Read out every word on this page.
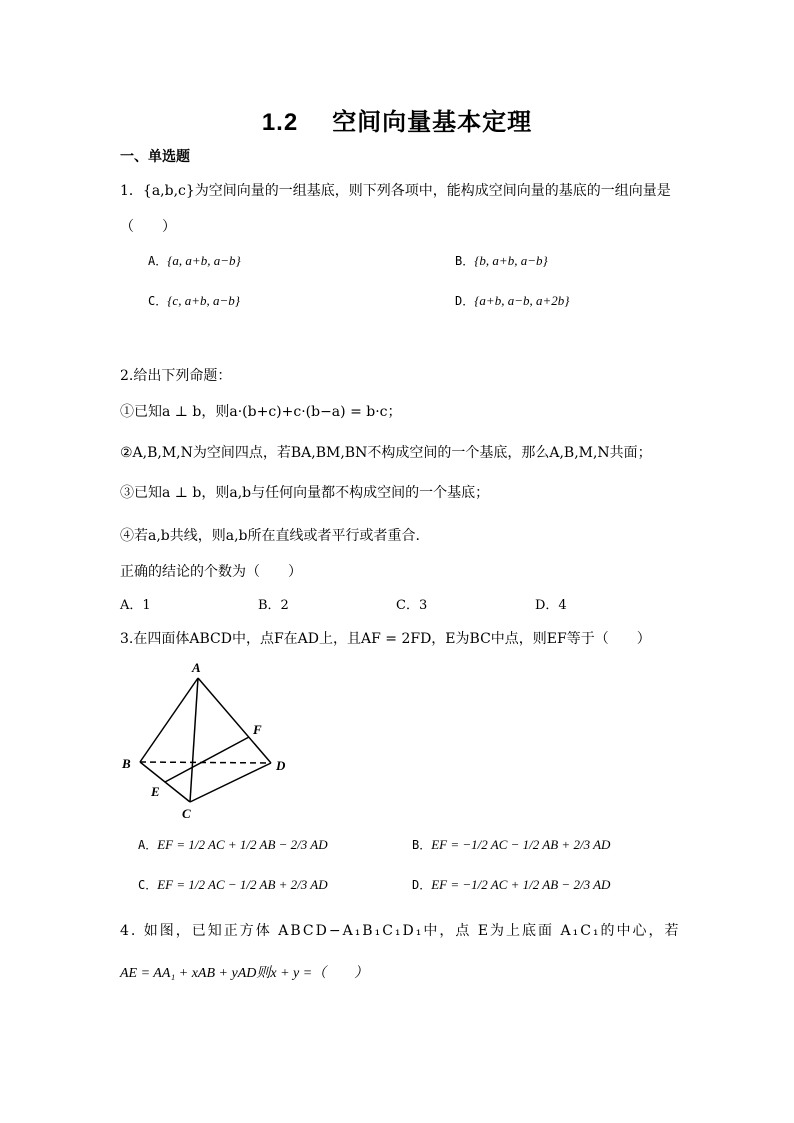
1.2 空间向量基本定理
一、单选题
1．{a,b,c}为空间向量的一组基底，则下列各项中，能构成空间向量的基底的一组向量是
（　　）
A．{a, a+b, a−b}	B．{b, a+b, a−b}
C．{c, a+b, a−b}	D．{a+b, a−b, a+2b}
2.给出下列命题：
①已知a ⊥ b，则a·(b+c)+c·(b−a) = b·c；
②A,B,M,N为空间四点，若BA,BM,BN不构成空间的一个基底，那么A,B,M,N共面；
③已知a ⊥ b，则a,b与任何向量都不构成空间的一个基底；
④若a,b共线，则a,b所在直线或者平行或者重合.
正确的结论的个数为（　　）
A．1	B．2	C．3	D．4
3.在四面体ABCD中，点F在AD上，且AF = 2FD，E为BC中点，则EF等于（　　）
A
B
C
D
E
F
A．EF = 1/2 AC + 1/2 AB − 2/3 AD	B．EF = −1/2 AC − 1/2 AB + 2/3 AD
C．EF = 1/2 AC − 1/2 AB + 2/3 AD	D．EF = −1/2 AC + 1/2 AB − 2/3 AD
4. 如图，已知正方体 ABCD−A₁B₁C₁D₁中，点 E为上底面 A₁C₁的中心，若
AE = AA₁ + xAB + yAD则x + y =（　　）
